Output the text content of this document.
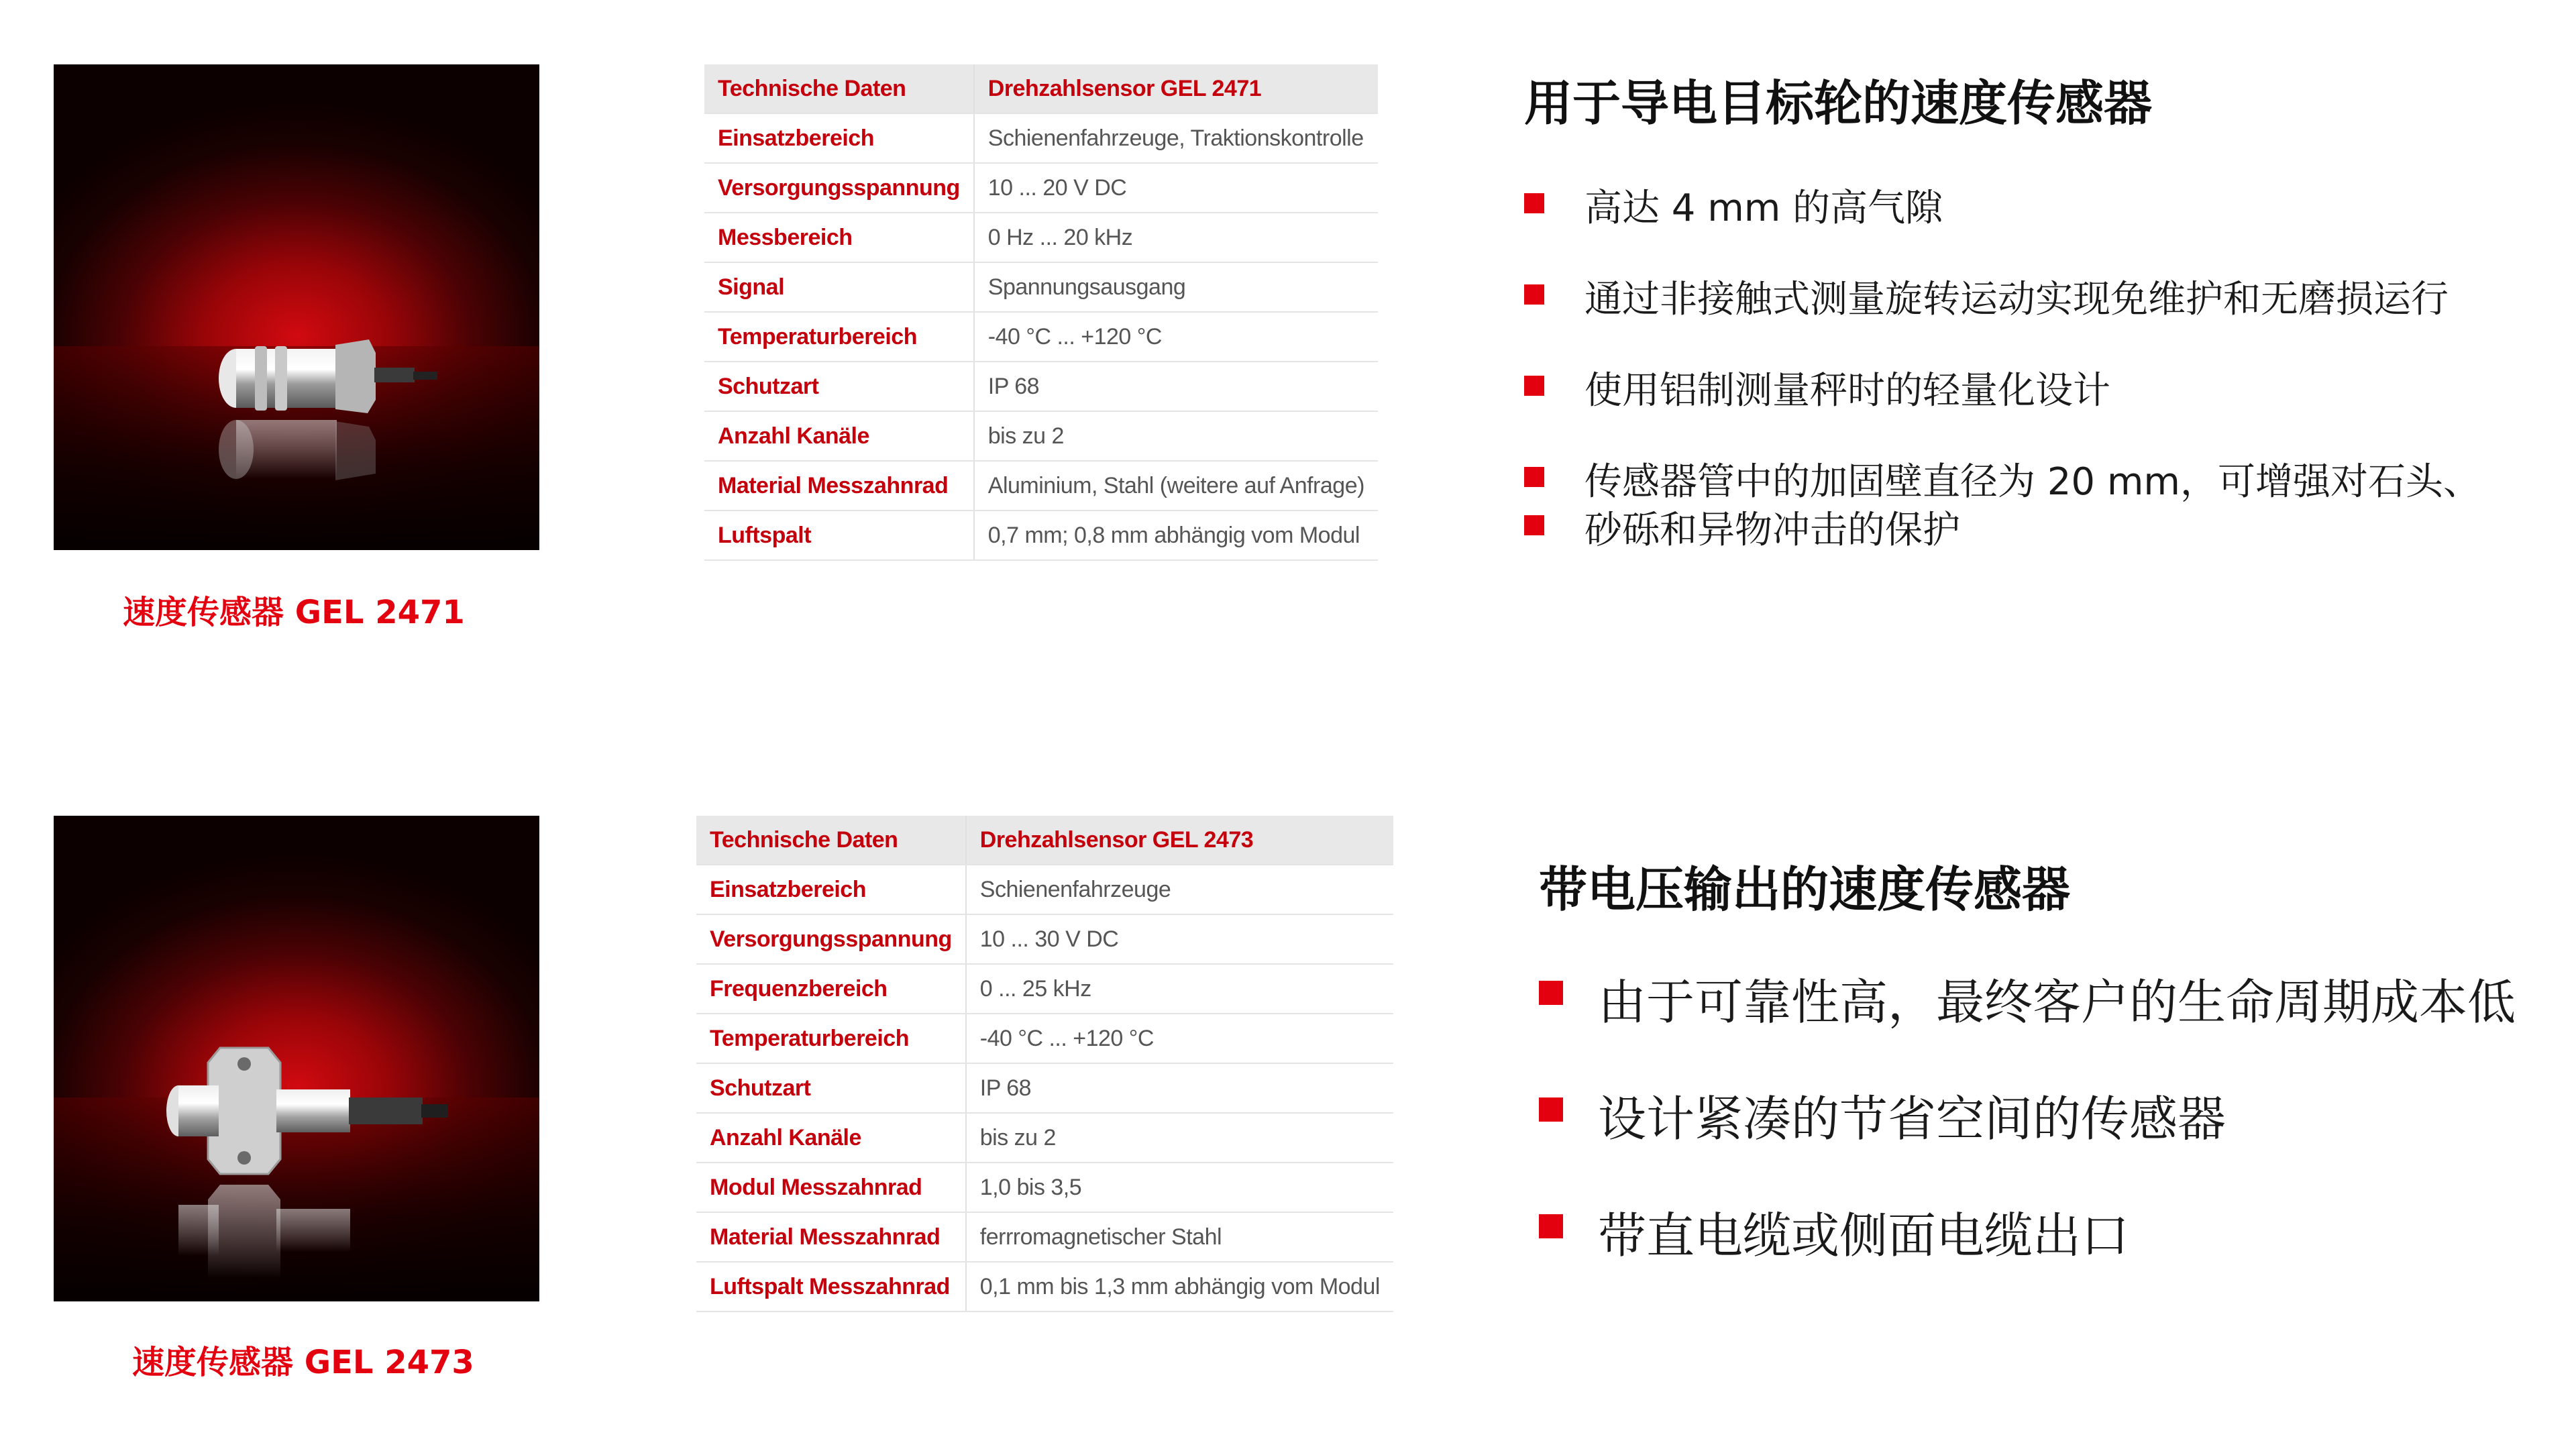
速度传感器 GEL 2471
Technische Daten	Drehzahlsensor GEL 2471
Einsatzbereich	Schienenfahrzeuge, Traktionskontrolle
Versorgungsspannung	10 ... 20 V DC
Messbereich	0 Hz ... 20 kHz
Signal	Spannungsausgang
Temperaturbereich	-40 °C ... +120 °C
Schutzart	IP 68
Anzahl Kanäle	bis zu 2
Material Messzahnrad	Aluminium, Stahl (weitere auf Anfrage)
Luftspalt	0,7 mm; 0,8 mm abhängig vom Modul
用于导电目标轮的速度传感器
高达 4 mm 的高气隙
通过非接触式测量旋转运动实现免维护和无磨损运行
使用铝制测量秤时的轻量化设计
传感器管中的加固壁直径为 20 mm，可增强对石头、
砂砾和异物冲击的保护
速度传感器 GEL 2473
Technische Daten	Drehzahlsensor GEL 2473
Einsatzbereich	Schienenfahrzeuge
Versorgungsspannung	10 ... 30 V DC
Frequenzbereich	0 ... 25 kHz
Temperaturbereich	-40 °C ... +120 °C
Schutzart	IP 68
Anzahl Kanäle	bis zu 2
Modul Messzahnrad	1,0 bis 3,5
Material Messzahnrad	ferrromagnetischer Stahl
Luftspalt Messzahnrad	0,1 mm bis 1,3 mm abhängig vom Modul
带电压输出的速度传感器
由于可靠性高，最终客户的生命周期成本低
设计紧凑的节省空间的传感器
带直电缆或侧面电缆出口
